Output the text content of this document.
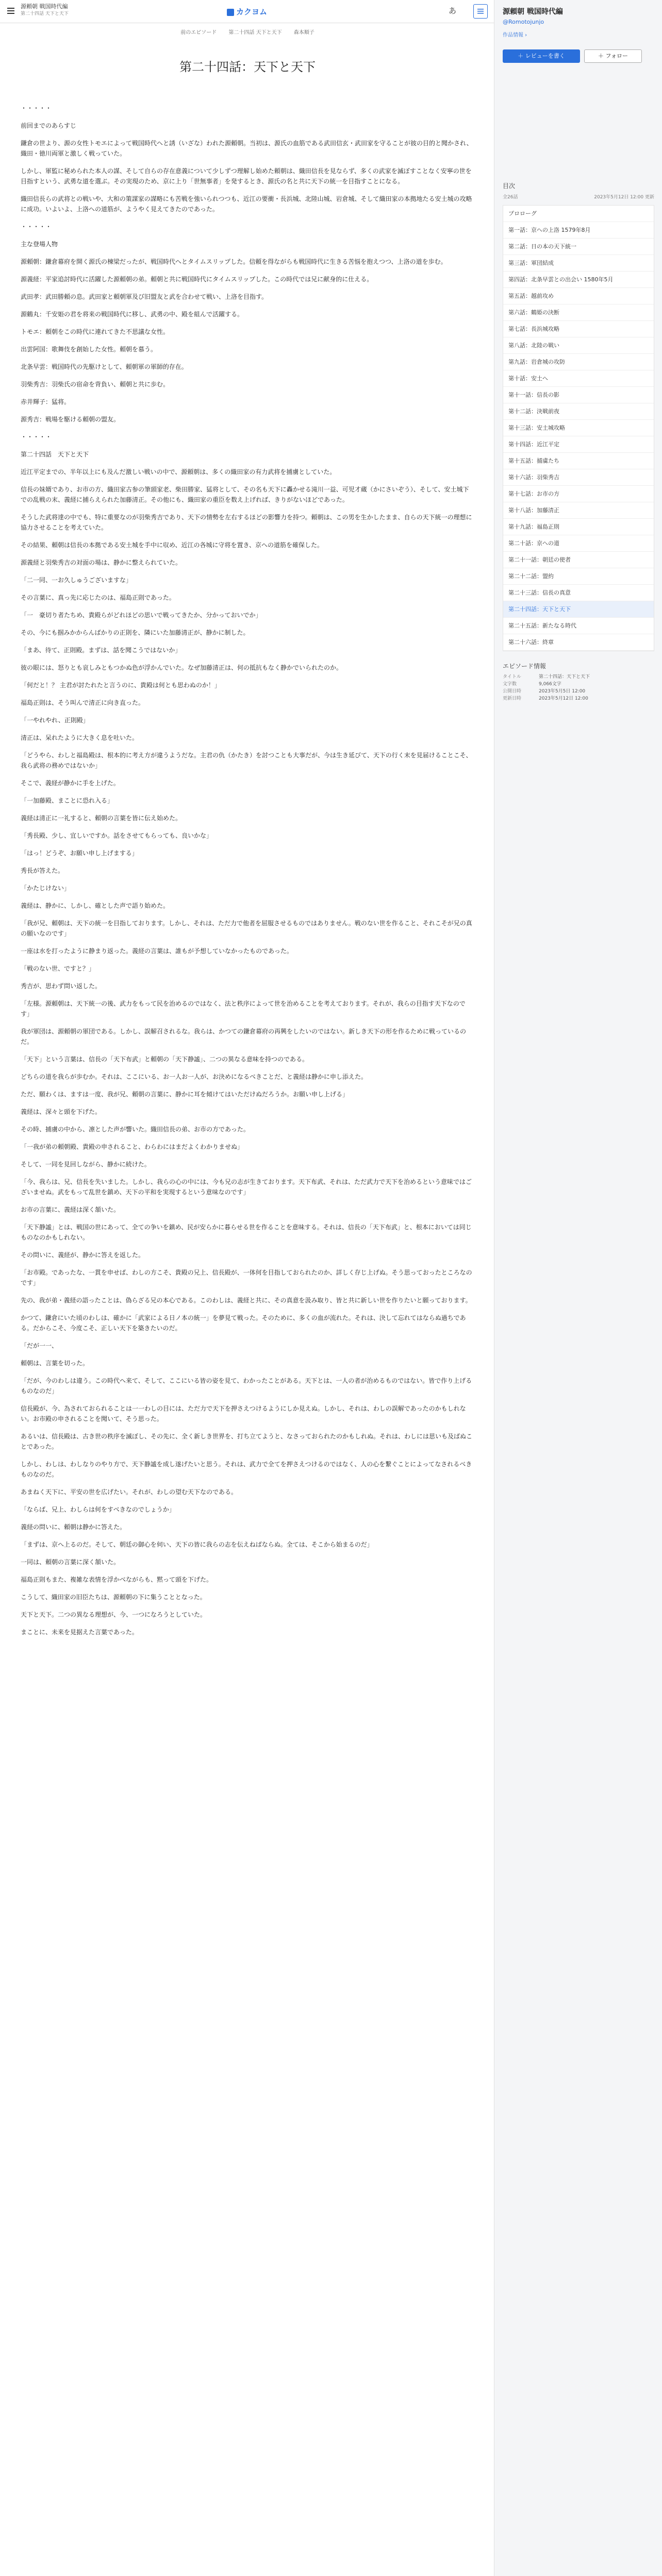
源頼朝 戦国時代編
第二十四話 天下と天下	カクヨム	あ
前のエピソード 第二十四話 天下と天下 森本順子
第二十四話：天下と天下

・・・・・

前回までのあらすじ

鎌倉の世より、源の女性トモエによって戦国時代へと誘（いざな）われた源頼朝。当初は、源氏の血筋である武田信玄・武田家を守ることが彼の目的と聞かされ、織田・徳川両軍と激しく戦っていた。

しかし、軍監に秘められた本人の謀、そして自らの存在意義について少しずつ理解し始めた頼朝は、織田信長を見ならず、多くの武家を滅ぼすことなく安寧の世を目指すという、武勇な道を選ぶ。その実現のため、京に上り「世無事者」を発するとき、源氏の名と共に天下の統一を目指すことになる。

織田信長らの武将との戦いや、大和の策謀家の謀略にも苦戦を強いられつつも、近江の要衝・長浜城、北陸山城、岩倉城、そして織田家の本拠地たる安土城の攻略に成功。いよいよ、上洛への道筋が、ようやく見えてきたのであった。

・・・・・

主な登場人物

源頼朝：鎌倉幕府を開く源氏の棟梁だったが、戦国時代へとタイムスリップした。信頼を得ながらも戦国時代に生きる苦悩を抱えつつ、上洛の道を歩む。

源義経：平家追討時代に活躍した源頼朝の弟。頼朝と共に戦国時代にタイムスリップした。この時代では兄に献身的に仕える。

武田孝：武田勝頼の息。武田家と頼朝軍及び旧盟友と武を合わせて戦い、上洛を目指す。

源鶴丸：千安姫の君を将来の戦国時代に移し、武勇の中、殿を組んで活躍する。

トモエ：頼朝をこの時代に連れてきた不思議な女性。

出雲阿国：歌舞伎を創始した女性。頼朝を慕う。

北条早雲：戦国時代の先駆けとして、頼朝軍の軍師的存在。

羽柴秀吉：羽柴氏の宿命を背負い、頼朝と共に歩む。

赤井輝子：猛将。

源秀吉：戦場を駆ける頼朝の盟友。

・・・・・

第二十四話　天下と天下

近江平定までの、半年以上にも及んだ激しい戦いの中で、源頼朝は、多くの織田家の有力武将を捕虜としていた。

信長の妹婿であり、お市の方、織田家古参の筆頭家老、柴田勝家、猛将として、その名も天下に轟かせる滝川一益、可児才蔵（かにさいぞう）、そして、安土城下での乱戦の末、義経に捕らえられた加藤清正。その他にも、織田家の重臣を数え上げれば、きりがないほどであった。

そうした武将達の中でも、特に重要なのが羽柴秀吉であり、天下の情勢を左右するほどの影響力を持つ。頼朝は、この男を生かしたまま、自らの天下統一の理想に協力させることを考えていた。

その結果、頼朝は信長の本拠である安土城を手中に収め、近江の各城に守将を置き、京への道筋を確保した。

源義経と羽柴秀吉の対面の場は、静かに整えられていた。

「二一同、一お久しゅうございますな」

その言葉に、真っ先に応じたのは、福島正則であった。

「一　豪切り者たちめ、貴殿らがどれほどの思いで戦ってきたか、分かっておいでか」

その、今にも掴みかからんばかりの正則を、隣にいた加藤清正が、静かに制した。

「まあ、待て、正則殿。まずは、話を聞こうではないか」

彼の眼には、怒りとも哀しみともつかぬ色が浮かんでいた。なぜ加藤清正は、何の抵抗もなく静かでいられたのか。

「何だと！？ 主君が討たれたと言うのに、貴殿は何とも思わぬのか！」

福島正則は、そう叫んで清正に向き直った。

「一やれやれ、正則殿」

清正は、呆れたように大きく息を吐いた。

「どうやら、わしと福島殿は、根本的に考え方が違うようだな。主君の仇（かたき）を討つことも大事だが、今は生き延びて、天下の行く末を見届けることこそ、我ら武将の務めではないか」

そこで、義経が静かに手を上げた。

「一加藤殿、まことに恐れ入る」

義経は清正に一礼すると、頼朝の言葉を皆に伝え始めた。

「秀長殿、少し、宜しいですか。話をさせてもらっても、良いかな」

「はっ！どうぞ、お願い申し上げまする」

秀長が答えた。

「かたじけない」

義経は、静かに、しかし、確とした声で語り始めた。

「我が兄、頼朝は、天下の統一を目指しております。しかし、それは、ただ力で他者を屈服させるものではありません。戦のない世を作ること、それこそが兄の真の願いなのです」

一座は水を打ったように静まり返った。義経の言葉は、誰もが予想していなかったものであった。

「戦のない世、ですと？」

秀吉が、思わず問い返した。

「左様。源頼朝は、天下統一の後、武力をもって民を治めるのではなく、法と秩序によって世を治めることを考えております。それが、我らの目指す天下なのです」

我が軍団は、源頼朝の軍団である。しかし、誤解召されるな。我らは、かつての鎌倉幕府の再興をしたいのではない。新しき天下の形を作るために戦っているのだ。

「天下」という言葉は、信長の「天下布武」と頼朝の「天下静謐」、二つの異なる意味を持つのである。

どちらの道を我らが歩むか。それは、ここにいる、お一人お一人が、お決めになるべきことだ、と義経は静かに申し添えた。

ただ、願わくは、ますは一度、我が兄、頼朝の言葉に、静かに耳を傾けてはいただけぬだろうか。お願い申し上げる」

義経は、深々と頭を下げた。

その時、捕虜の中から、凛とした声が響いた。織田信長の弟、お市の方であった。

「一我が弟の頼朝殿、貴殿の申されること、わらわにはまだよくわかりませぬ」

そして、一同を見回しながら、静かに続けた。

「今、我らは、兄、信長を失いました。しかし、我らの心の中には、今も兄の志が生きております。天下布武、それは、ただ武力で天下を治めるという意味ではございませぬ。武をもって乱世を鎮め、天下の平和を実現するという意味なのです」

お市の言葉に、義経は深く頷いた。

「天下静謐」とは、戦国の世にあって、全ての争いを鎮め、民が安らかに暮らせる世を作ることを意味する。それは、信長の「天下布武」と、根本においては同じものなのかもしれない。

その問いに、義経が、静かに答えを返した。

「お市殿。であったな、一貫を申せば、わしの方こそ、貴殿の兄上、信長殿が、一体何を目指しておられたのか、詳しく存じ上げぬ。そう思っておったところなのです」

先の、我が弟・義経の語ったことは、偽らざる兄の本心である。このわしは、義経と共に、その真意を汲み取り、皆と共に新しい世を作りたいと願っております。

かつて、鎌倉にいた頃のわしは、確かに「武家による日ノ本の統一」を夢見て戦った。そのために、多くの血が流れた。それは、決して忘れてはならぬ過ちである。だからこそ、今度こそ、正しい天下を築きたいのだ。

「だが一一、

頼朝は、言葉を切った。

「だが、今のわしは違う。この時代へ来て、そして、ここにいる皆の姿を見て、わかったことがある。天下とは、一人の者が治めるものではない。皆で作り上げるものなのだ」

信長殿が、今、為されておられることは一一わしの目には、ただ力で天下を押さえつけるようにしか見えぬ。しかし、それは、わしの誤解であったのかもしれない。お市殿の申されることを聞いて、そう思った。

あるいは、信長殿は、古き世の秩序を滅ぼし、その先に、全く新しき世界を、打ち立てようと、なさっておられたのかもしれぬ。それは、わしには思いも及ばぬことであった。

しかし、わしは、わしなりのやり方で、天下静謐を成し遂げたいと思う。それは、武力で全てを押さえつけるのではなく、人の心を繋ぐことによってなされるべきものなのだ。

あまねく天下に、平安の世を広げたい。それが、わしの望む天下なのである。

「ならば、兄上、わしらは何をすべきなのでしょうか」

義経の問いに、頼朝は静かに答えた。

「まずは、京へ上るのだ。そして、朝廷の御心を伺い、天下の皆に我らの志を伝えねばならぬ。全ては、そこから始まるのだ」

一同は、頼朝の言葉に深く頷いた。

福島正則もまた、複雑な表情を浮かべながらも、黙って頭を下げた。

こうして、織田家の旧臣たちは、源頼朝の下に集うこととなった。

天下と天下。二つの異なる理想が、今、一つになろうとしていた。

まことに、未来を見据えた言葉であった。

源頼朝 戦国時代編
@Romotojunjo
作品情報 ›
＋ レビューを書く	＋ フォロー
目次
全26話	2023年5月12日 12:00 更新
プロローグ
第一話：京への上洛 1579年8月
第二話：日の本の天下統一
第三話：軍団結成
第四話：北条早雲との出会い 1580年5月
第五話：越前攻め
第六話：鶴姫の決断
第七話：長浜城攻略
第八話：北陸の戦い
第九話：岩倉城の攻防
第十話：安土へ
第十一話：信長の影
第十二話：決戦前夜
第十三話：安土城攻略
第十四話：近江平定
第十五話：捕虜たち
第十六話：羽柴秀吉
第十七話：お市の方
第十八話：加藤清正
第十九話：福島正則
第二十話：京への道
第二十一話：朝廷の使者
第二十二話：盟約
第二十三話：信長の真意
第二十四話：天下と天下
第二十五話：新たなる時代
第二十六話：終章
エピソード情報
タイトル	第二十四話：天下と天下
文字数	9,066文字
公開日時	2023年5月5日 12:00
更新日時	2023年5月12日 12:00
